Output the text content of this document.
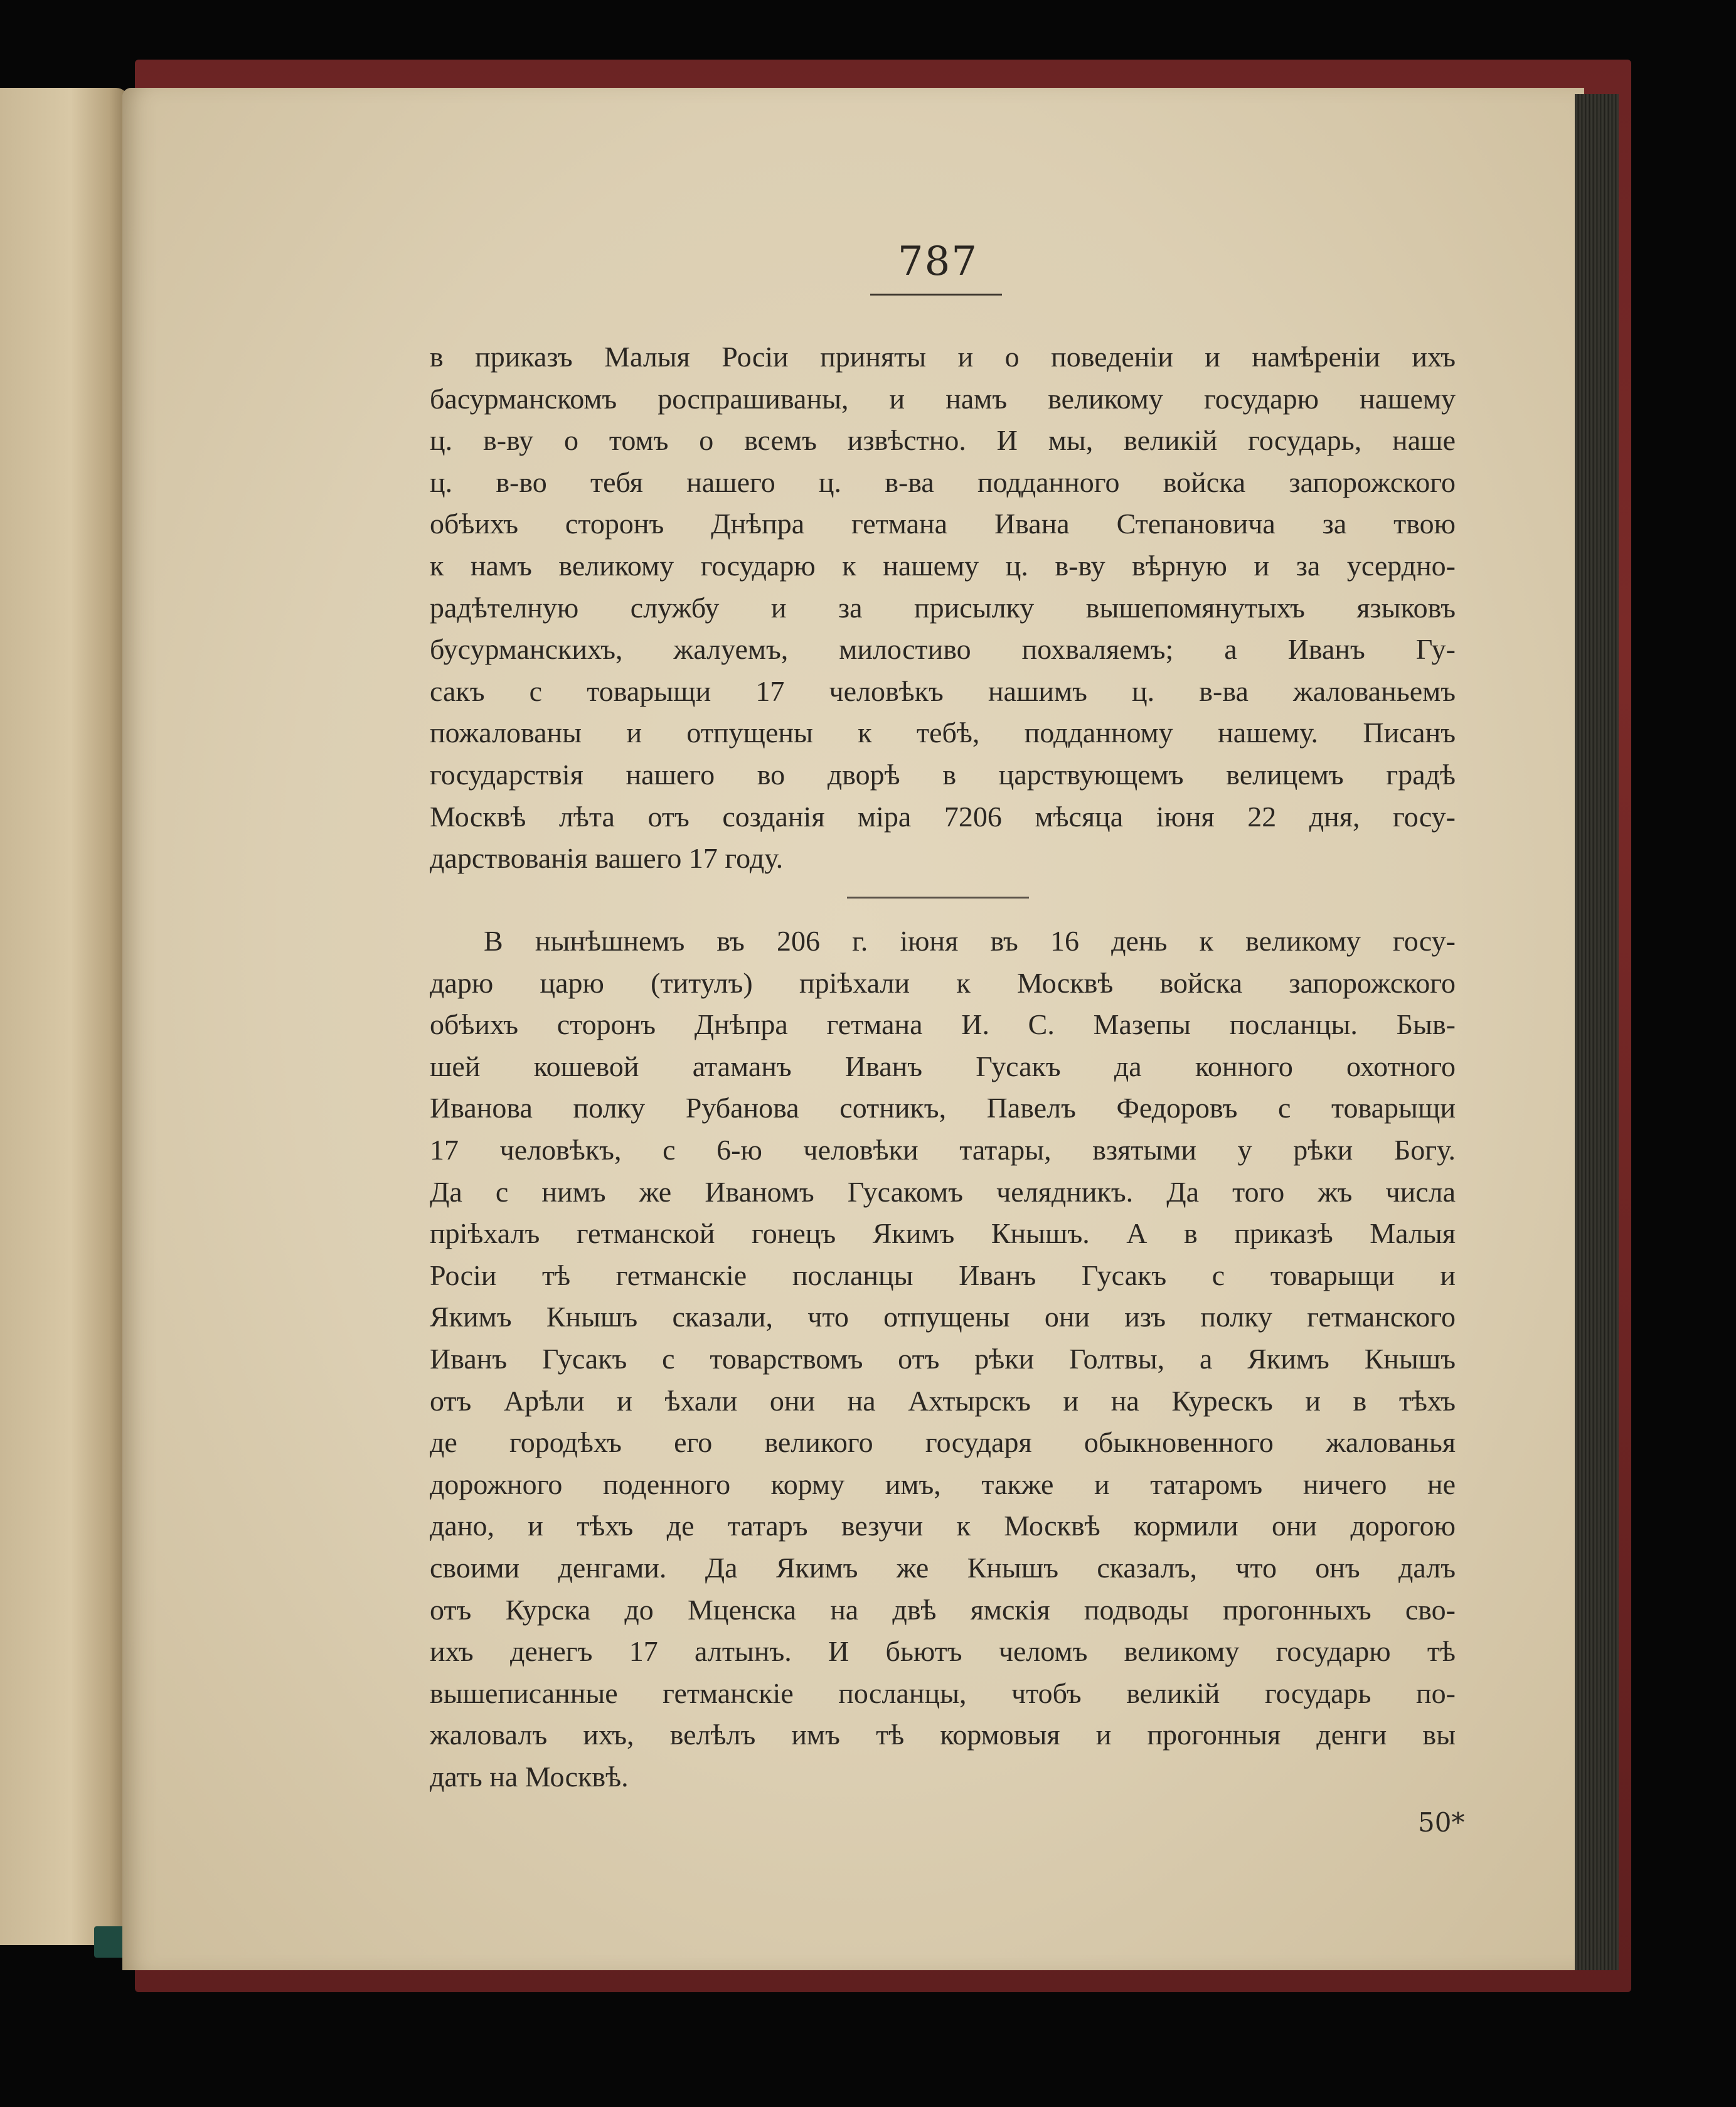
787
в приказъ Малыя Росіи приняты и о поведеніи и намѣреніи ихъ
басурманскомъ роспрашиваны, и намъ великому государю нашему
ц. в-ву о томъ о всемъ извѣстно. И мы, великій государь, наше
ц. в-во тебя нашего ц. в-ва подданного войска запорожского
обѣихъ сторонъ Днѣпра гетмана Ивана Степановича за твою
к намъ великому государю к нашему ц. в-ву вѣрную и за усердно-
радѣтелную службу и за присылку вышепомянутыхъ языковъ
бусурманскихъ, жалуемъ, милостиво похваляемъ; а Иванъ Гу-
сакъ с товарыщи 17 человѣкъ нашимъ ц. в-ва жалованьемъ
пожалованы и отпущены к тебѣ, подданному нашему. Писанъ
государствія нашего во дворѣ в царствующемъ велицемъ градѣ
Москвѣ лѣта отъ созданія міра 7206 мѣсяца іюня 22 дня, госу-
дарствованія вашего 17 году.
В нынѣшнемъ въ 206 г. іюня въ 16 день к великому госу-
дарю царю (титулъ) пріѣхали к Москвѣ войска запорожского
обѣихъ сторонъ Днѣпра гетмана И. С. Мазепы посланцы. Быв-
шей кошевой атаманъ Иванъ Гусакъ да конного охотного
Иванова полку Рубанова сотникъ, Павелъ Федоровъ с товарыщи
17 человѣкъ, с 6-ю человѣки татары, взятыми у рѣки Богу.
Да с нимъ же Иваномъ Гусакомъ челядникъ. Да того жъ числа
пріѣхалъ гетманской гонецъ Якимъ Кнышъ. А в приказѣ Малыя
Росіи тѣ гетманскіе посланцы Иванъ Гусакъ с товарыщи и
Якимъ Кнышъ сказали, что отпущены они изъ полку гетманского
Иванъ Гусакъ с товарствомъ отъ рѣки Голтвы, а Якимъ Кнышъ
отъ Арѣли и ѣхали они на Ахтырскъ и на Курескъ и в тѣхъ
де городѣхъ его великого государя обыкновенного жалованья
дорожного поденного корму имъ, также и татаромъ ничего не
дано, и тѣхъ де татаръ везучи к Москвѣ кормили они дорогою
своими денгами. Да Якимъ же Кнышъ сказалъ, что онъ далъ
отъ Курска до Мценска на двѣ ямскія подводы прогонныхъ сво-
ихъ денегъ 17 алтынъ. И бьютъ челомъ великому государю тѣ
вышеписанные гетманскіе посланцы, чтобъ великій государь по-
жаловалъ ихъ, велѣлъ имъ тѣ кормовыя и прогонныя денги вы
дать на Москвѣ.
50*
